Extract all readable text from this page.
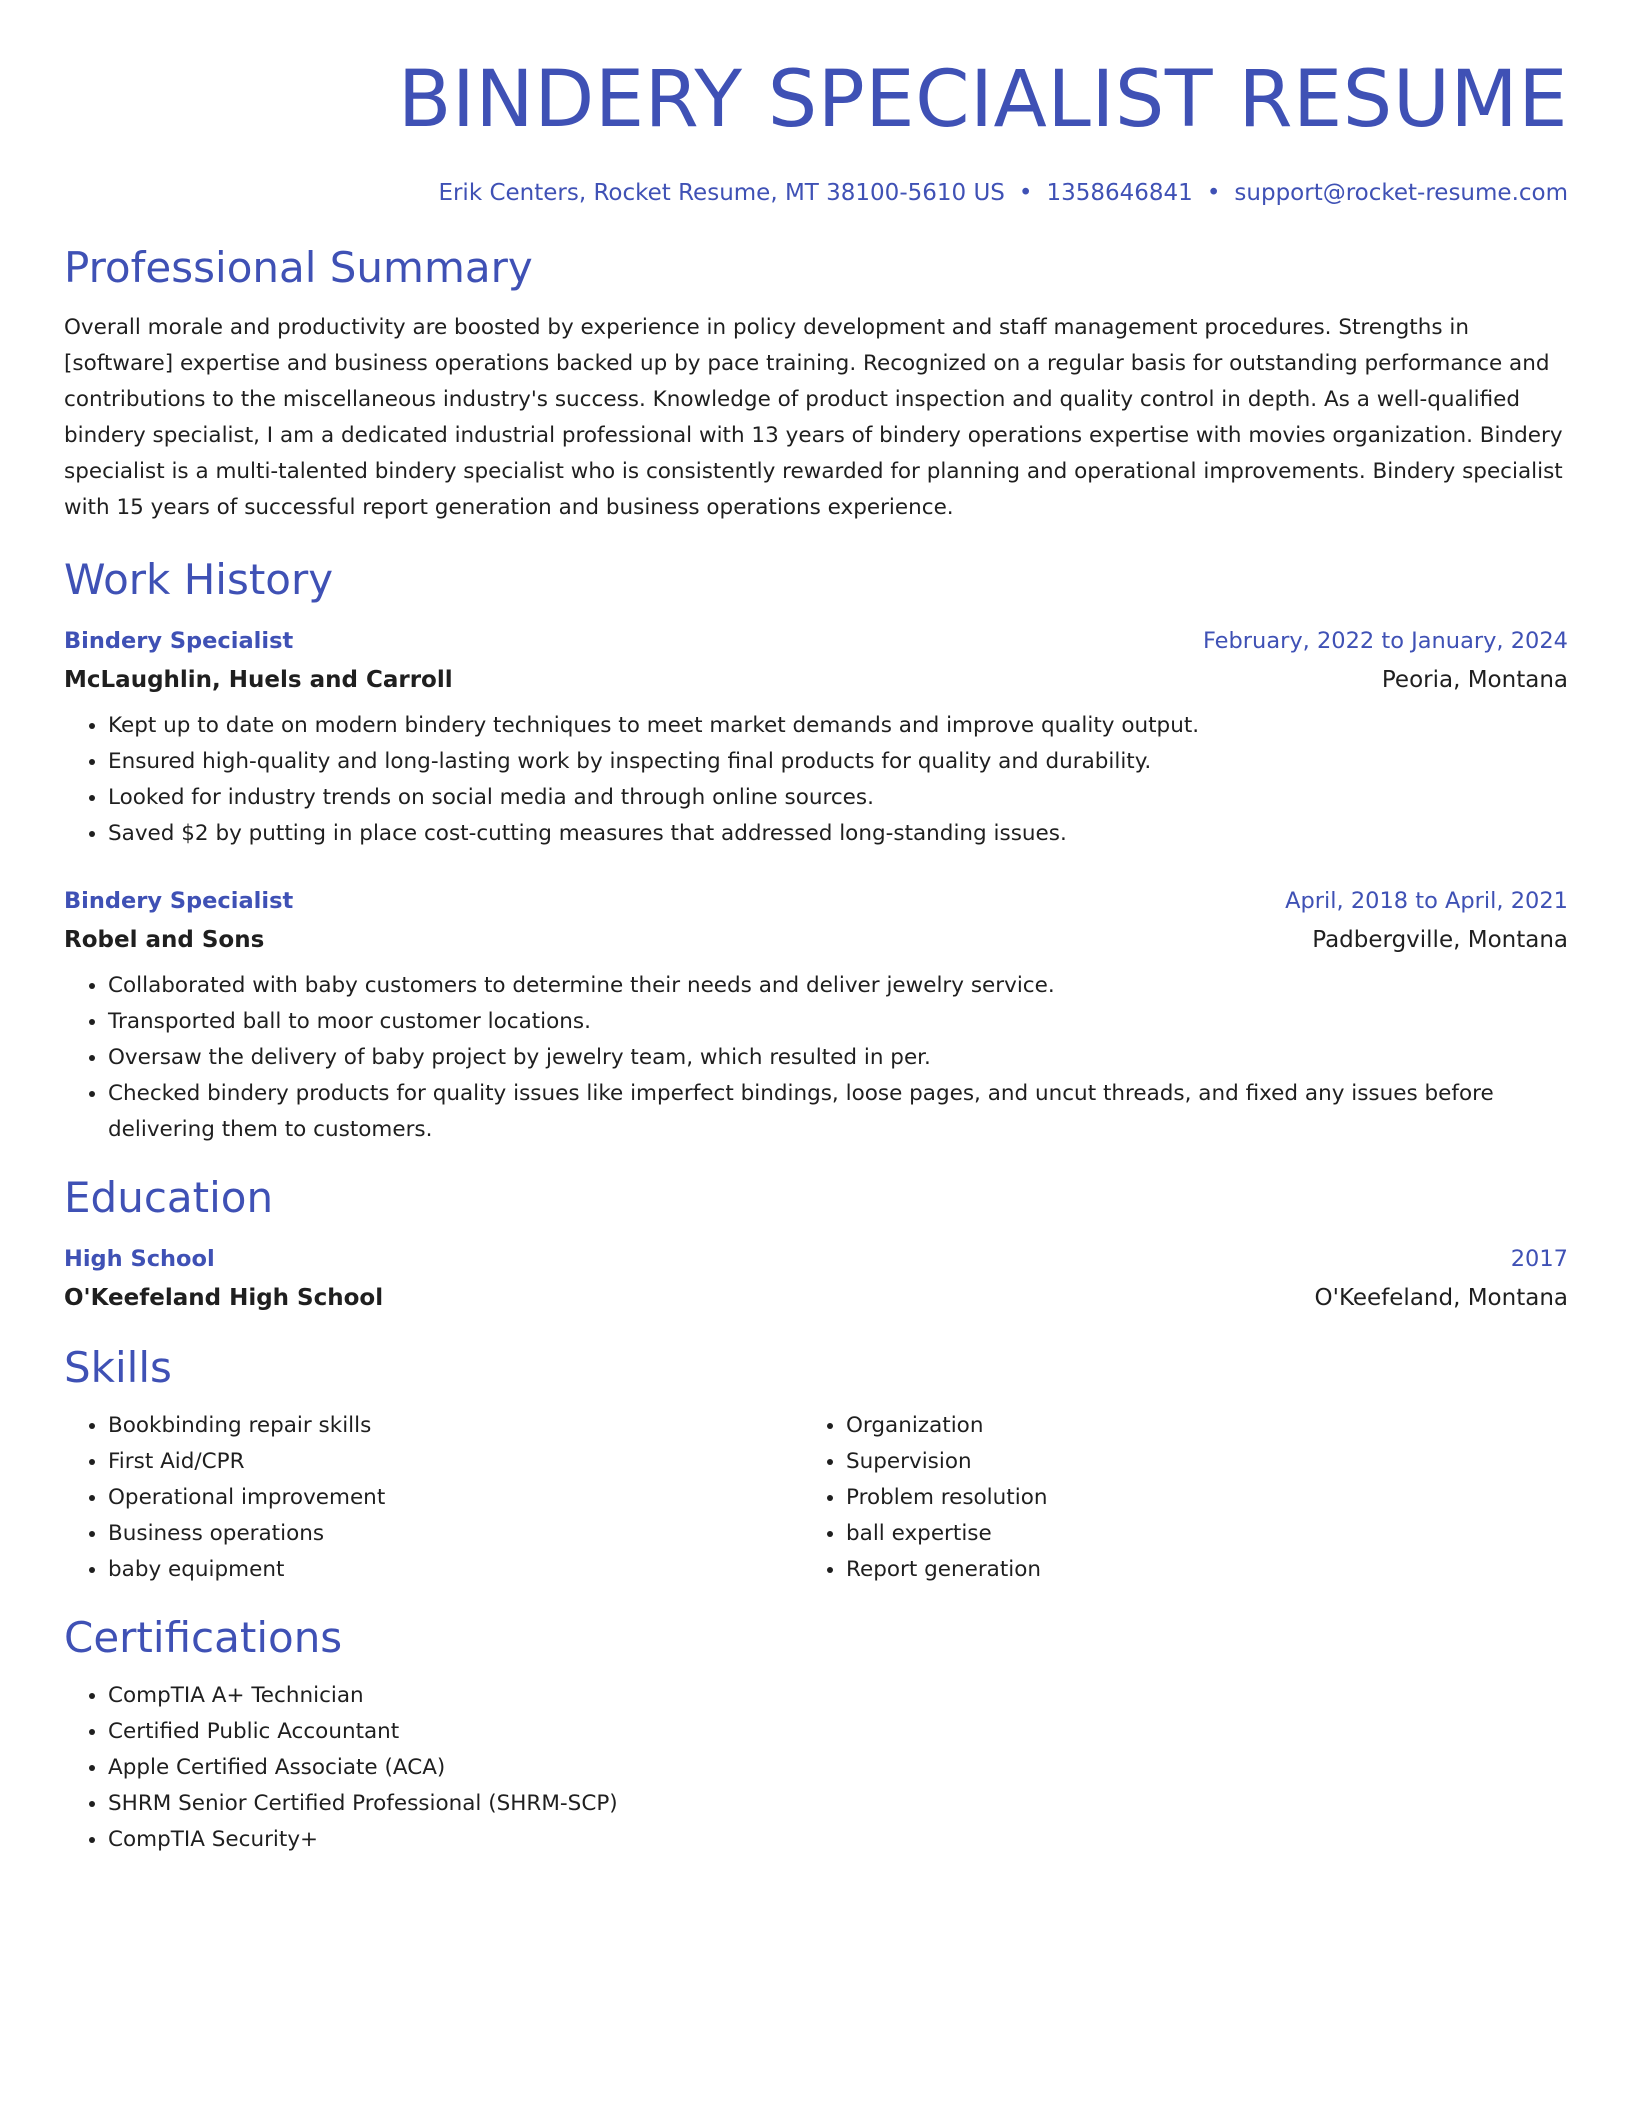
BINDERY SPECIALIST RESUME
Erik Centers, Rocket Resume, MT 38100-5610 US • 1358646841 • support@rocket-resume.com
Professional Summary
Overall morale and productivity are boosted by experience in policy development and staff management procedures. Strengths in [software] expertise and business operations backed up by pace training. Recognized on a regular basis for outstanding performance and contributions to the miscellaneous industry's success. Knowledge of product inspection and quality control in depth. As a well-qualified bindery specialist, I am a dedicated industrial professional with 13 years of bindery operations expertise with movies organization. Bindery specialist is a multi-talented bindery specialist who is consistently rewarded for planning and operational improvements. Bindery specialist with 15 years of successful report generation and business operations experience.
Work History
Bindery Specialist	February, 2022 to January, 2024
McLaughlin, Huels and Carroll	Peoria, Montana
• Kept up to date on modern bindery techniques to meet market demands and improve quality output.
• Ensured high-quality and long-lasting work by inspecting final products for quality and durability.
• Looked for industry trends on social media and through online sources.
• Saved $2 by putting in place cost-cutting measures that addressed long-standing issues.
Bindery Specialist	April, 2018 to April, 2021
Robel and Sons	Padbergville, Montana
• Collaborated with baby customers to determine their needs and deliver jewelry service.
• Transported ball to moor customer locations.
• Oversaw the delivery of baby project by jewelry team, which resulted in per.
• Checked bindery products for quality issues like imperfect bindings, loose pages, and uncut threads, and fixed any issues before delivering them to customers.
Education
High School	2017
O'Keefeland High School	O'Keefeland, Montana
Skills
• Bookbinding repair skills
• First Aid/CPR
• Operational improvement
• Business operations
• baby equipment
• Organization
• Supervision
• Problem resolution
• ball expertise
• Report generation
Certifications
• CompTIA A+ Technician
• Certified Public Accountant
• Apple Certified Associate (ACA)
• SHRM Senior Certified Professional (SHRM-SCP)
• CompTIA Security+
